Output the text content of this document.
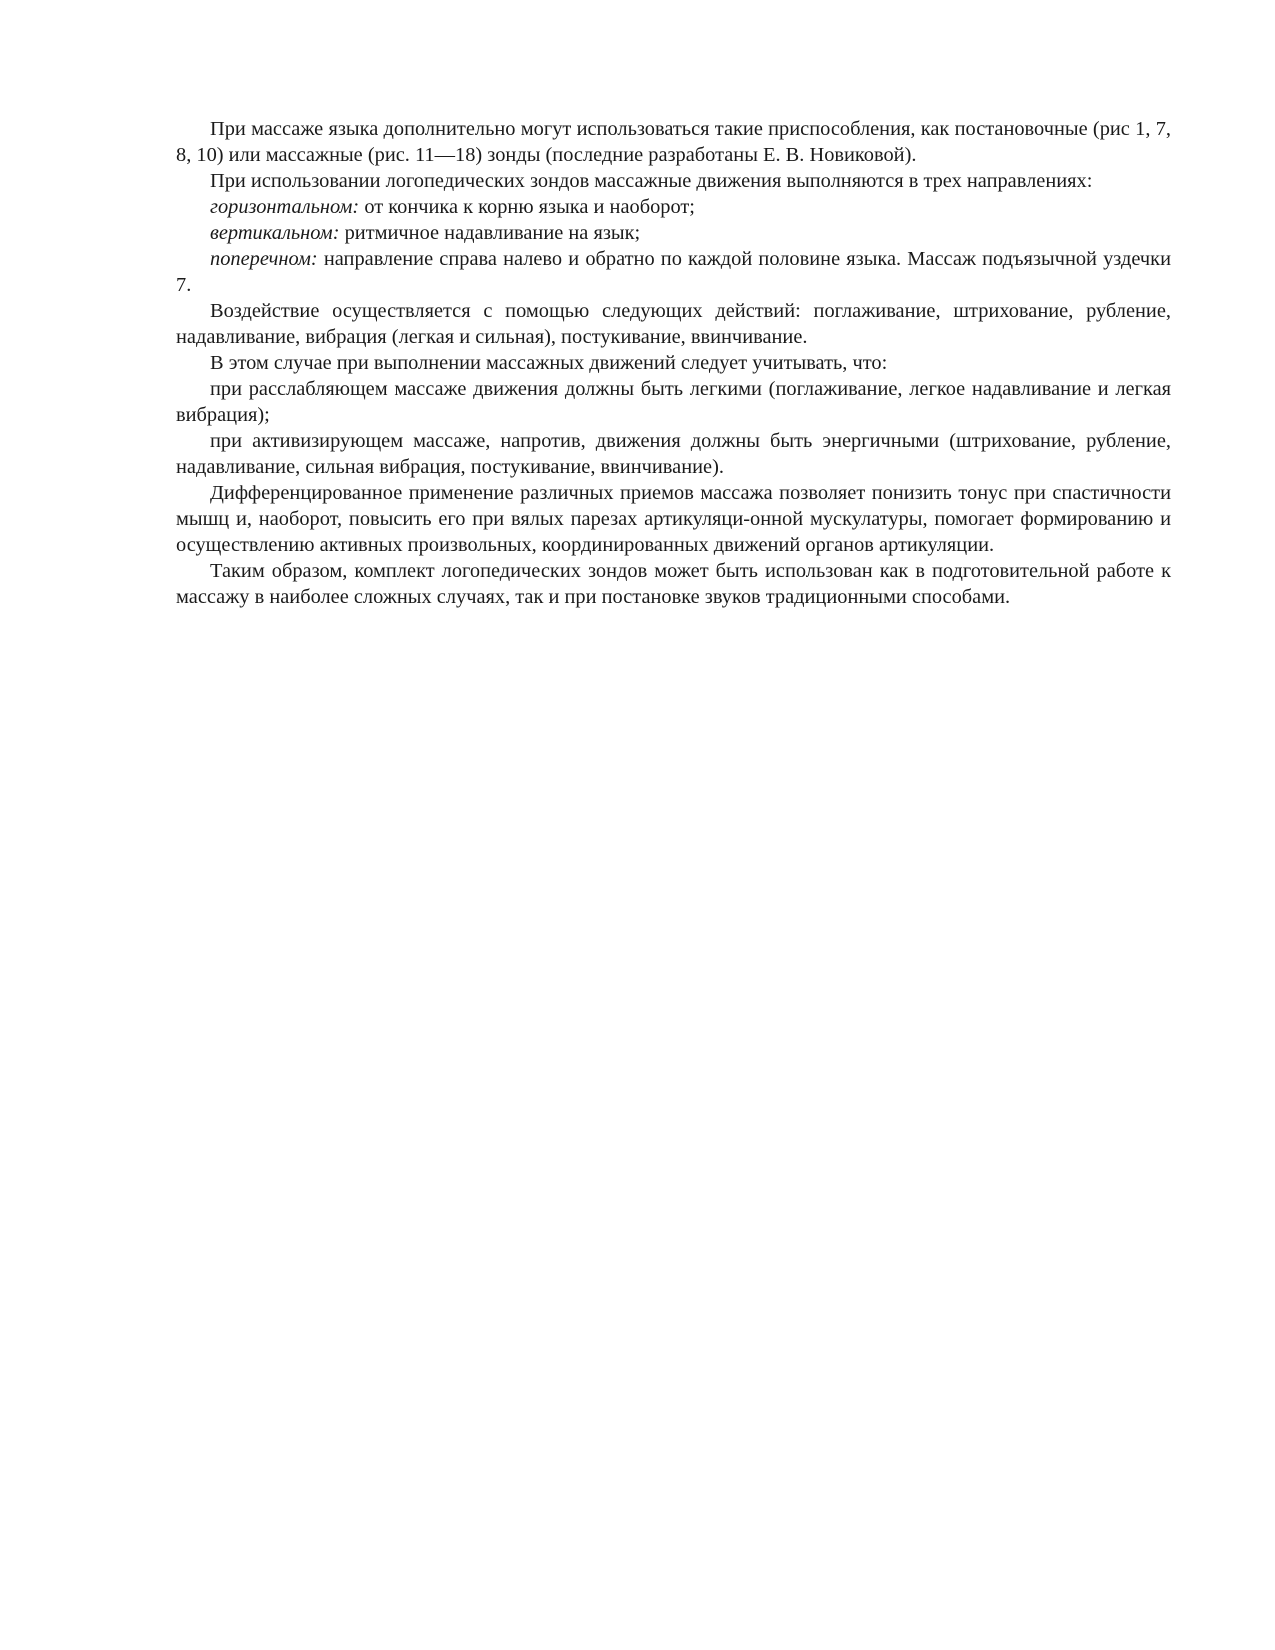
При массаже языка дополнительно могут использоваться такие приспособления, как постановочные (рис 1, 7, 8, 10) или массажные (рис. 11—18) зонды (последние разработаны Е. В. Новиковой).

При использовании логопедических зондов массажные движения выполняются в трех направлениях:

горизонтальном: от кончика к корню языка и наоборот;

вертикальном: ритмичное надавливание на язык;

поперечном: направление справа налево и обратно по каждой половине языка. Массаж подъязычной уздечки 7.

Воздействие осуществляется с помощью следующих действий: поглаживание, штрихование, рубление, надавливание, вибрация (легкая и сильная), постукивание, ввинчивание.

В этом случае при выполнении массажных движений следует учитывать, что:

при расслабляющем массаже движения должны быть легкими (поглаживание, легкое надавливание и легкая вибрация);

при активизирующем массаже, напротив, движения должны быть энергичными (штрихование, рубление, надавливание, сильная вибрация, постукивание, ввинчивание).

Дифференцированное применение различных приемов массажа позволяет понизить тонус при спастичности мышц и, наоборот, повысить его при вялых парезах артикуляци-онной мускулатуры, помогает формированию и осуществлению активных произвольных, координированных движений органов артикуляции.

Таким образом, комплект логопедических зондов может быть использован как в подготовительной работе к массажу в наиболее сложных случаях, так и при постановке звуков традиционными способами.
